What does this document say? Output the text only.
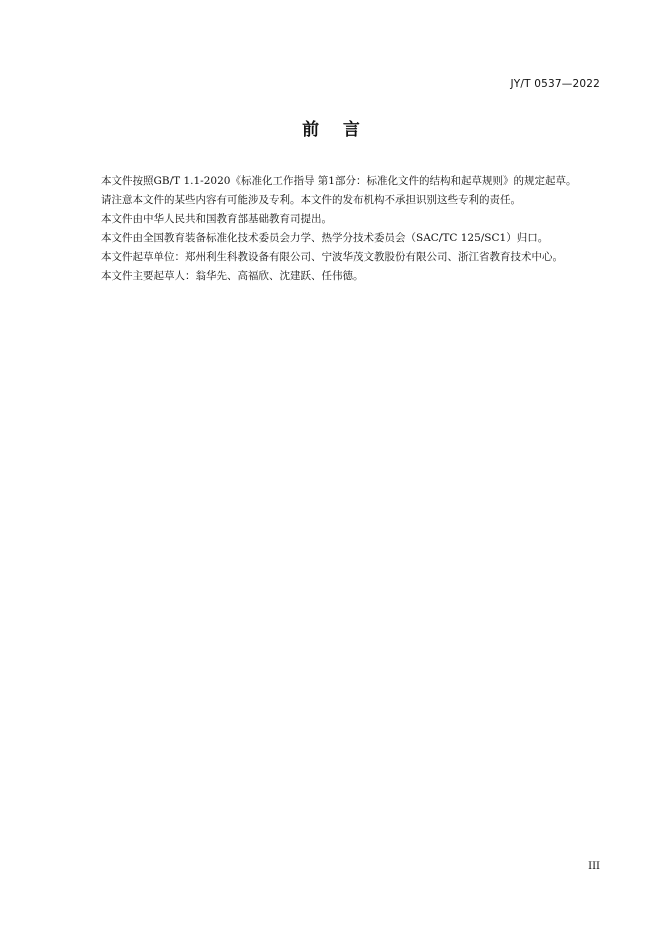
JY/T 0537—2022
前    言

本文件按照GB/T 1.1-2020《标准化工作指导 第1部分：标准化文件的结构和起草规则》的规定起草。

请注意本文件的某些内容有可能涉及专利。本文件的发布机构不承担识别这些专利的责任。

本文件由中华人民共和国教育部基础教育司提出。

本文件由全国教育装备标准化技术委员会力学、热学分技术委员会（SAC/TC 125/SC1）归口。

本文件起草单位：郑州利生科教设备有限公司、宁波华茂文教股份有限公司、浙江省教育技术中心。

本文件主要起草人：翁华先、高福欣、沈建跃、任伟德。

III
